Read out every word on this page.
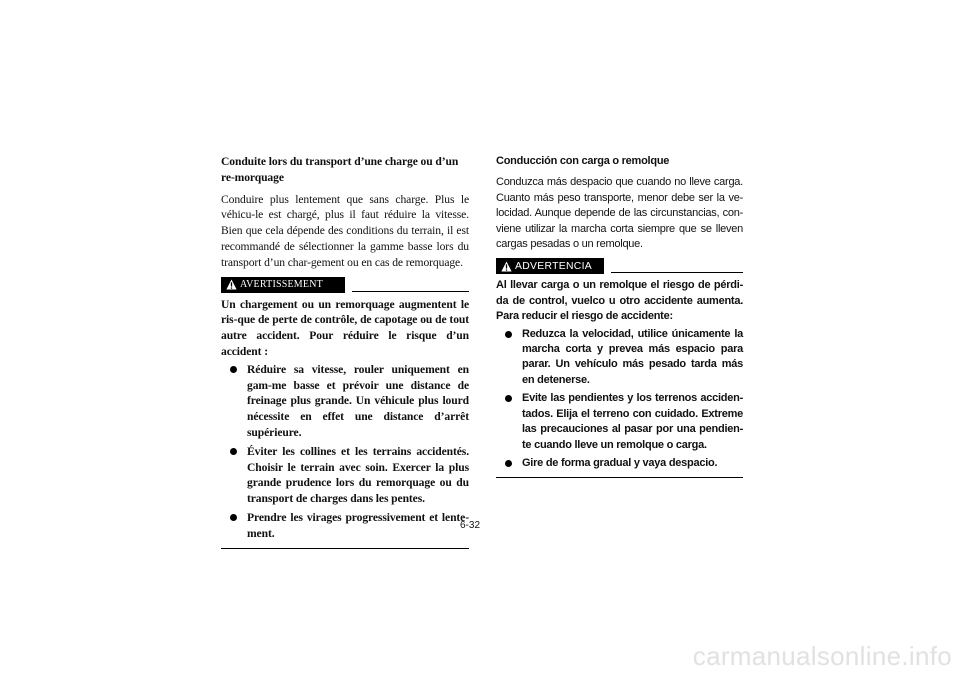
Conduite lors du transport d’une charge ou d’un re-morquage
Conduire plus lentement que sans charge. Plus le véhicu-le est chargé, plus il faut réduire la vitesse. Bien que cela dépende des conditions du terrain, il est recommandé de sélectionner la gamme basse lors du transport d’un char-gement ou en cas de remorquage.
AVERTISSEMENT
Un chargement ou un remorquage augmentent le ris-que de perte de contrôle, de capotage ou de tout autre accident. Pour réduire le risque d’un accident :
Réduire sa vitesse, rouler uniquement en gam-me basse et prévoir une distance de freinage plus grande. Un véhicule plus lourd nécessite en effet une distance d’arrêt supérieure.
Éviter les collines et les terrains accidentés. Choisir le terrain avec soin. Exercer la plus grande prudence lors du remorquage ou du transport de charges dans les pentes.
Prendre les virages progressivement et lente-ment.
Conducción con carga o remolque
Conduzca más despacio que cuando no lleve carga. Cuanto más peso transporte, menor debe ser la ve-locidad. Aunque depende de las circunstancias, con-viene utilizar la marcha corta siempre que se lleven cargas pesadas o un remolque.
ADVERTENCIA
Al llevar carga o un remolque el riesgo de pérdi-da de control, vuelco u otro accidente aumenta. Para reducir el riesgo de accidente:
Reduzca la velocidad, utilice únicamente la marcha corta y prevea más espacio para parar. Un vehículo más pesado tarda más en detenerse.
Evite las pendientes y los terrenos acciden-tados. Elija el terreno con cuidado. Extreme las precauciones al pasar por una pendien-te cuando lleve un remolque o carga.
Gire de forma gradual y vaya despacio.
6-32
carmanualsonline.info
